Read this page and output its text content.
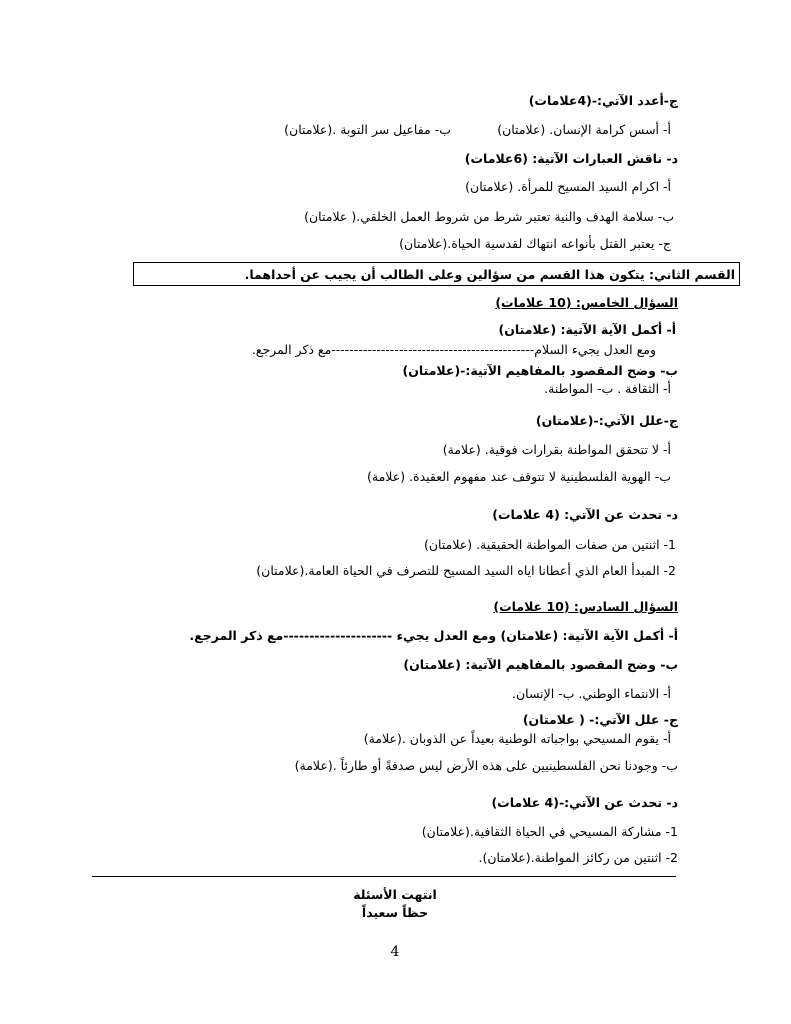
ج-أعدد الآتي:-(4علامات)
أ- أسس كرامة الإنسان. (علامتان)
ب- مفاعيل سر التوبة .(علامتان)
د- ناقش العبارات الآتية: (6علامات)
أ- اكرام السيد المسيح للمرأة. (علامتان)
ب- سلامة الهدف والنية تعتبر شرط من شروط العمل الخلقي.( علامتان)
ج- يعتبر القتل بأنواعه انتهاك لقدسية الحياة.(علامتان)
القسم الثاني: يتكون هذا القسم من سؤالين وعلى الطالب أن يجيب عن أحداهما.
السؤال الخامس: (10 علامات)
أ- أكمل الآية الآتية: (علامتان)
ومع العدل يجيء السلام---------------------------------------------مع ذكر المرجع.
ب- وضح المقصود بالمفاهيم الآتية:-(علامتان)
أ- الثقافة . ب- المواطنة.
ج-علل الآتي:-(علامتان)
أ- لا تتحقق المواطنة بقرارات فوقية. (علامة)
ب- الهوية الفلسطينية لا تتوقف عند مفهوم العقيدة. (علامة)
د- تحدث عن الآتي: (4 علامات)
1- اثنتين من صفات المواطنة الحقيقية. (علامتان)
2- المبدأ العام الذي أعطانا اياه السيد المسيح للتصرف في الحياة العامة.(علامتان)
السؤال السادس: (10 علامات)
أ- أكمل الآية الآتية: (علامتان) ومع العدل يجيء ---------------------مع ذكر المرجع.
ب- وضح المقصود بالمفاهيم الآتية: (علامتان)
أ- الانتماء الوطني. ب- الإنسان.
ج- علل الآتي:- ( علامتان)
أ- يقوم المسيحي بواجباته الوطنية بعيداً عن الذوبان .(علامة)
ب- وجودنا نحن الفلسطينيين على هذه الأرض ليس صدفةً أو طارئاً .(علامة)
د- تحدث عن الآتي:-(4 علامات)
1- مشاركة المسيحي في الحياة الثقافية.(علامتان)
2- اثنتين من ركائز المواطنة.(علامتان).
انتهت الأسئلة
حظاً سعيداً
4
